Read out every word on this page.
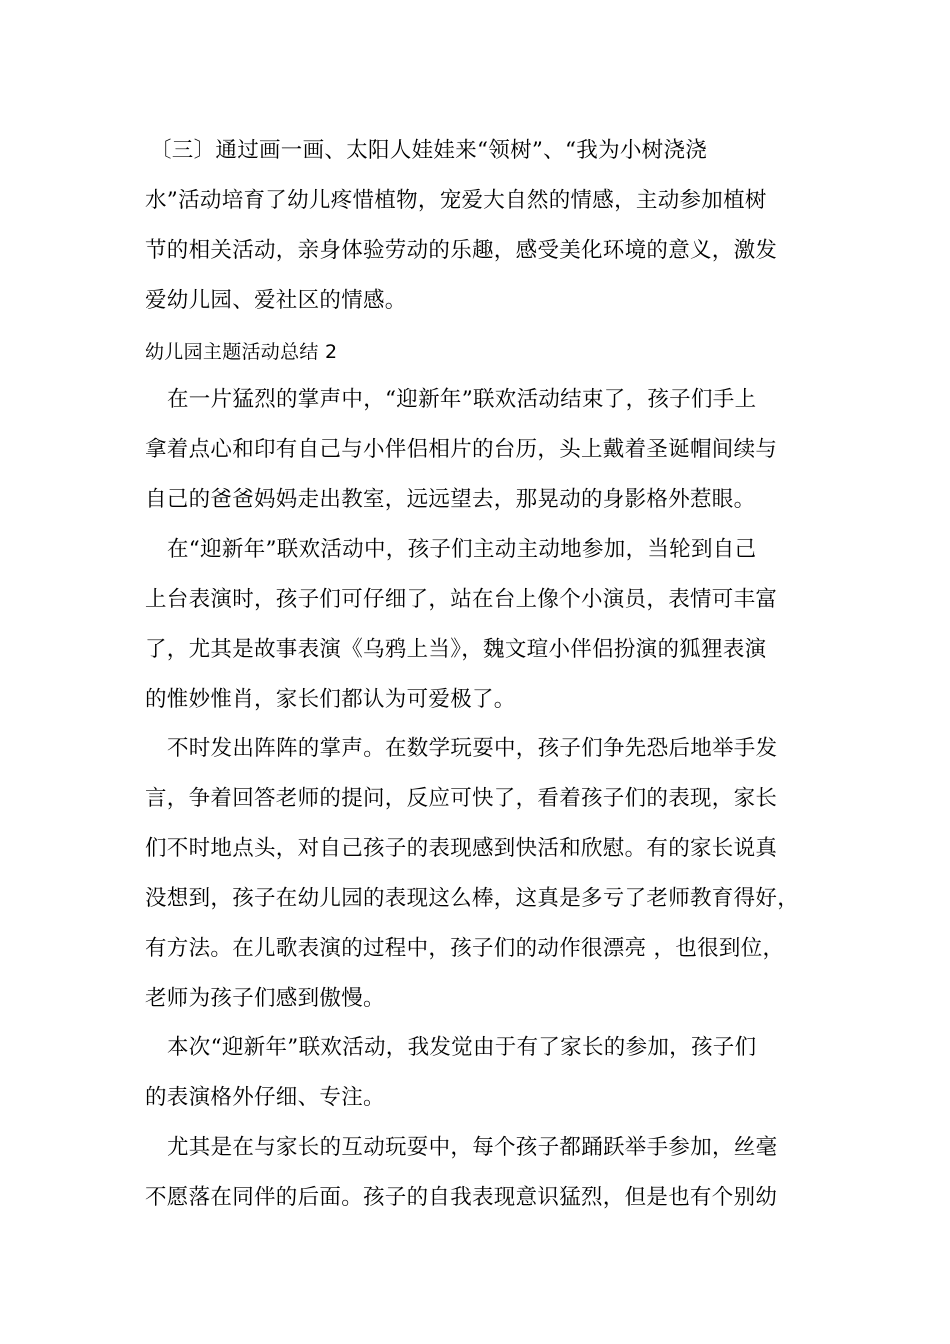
〔三〕通过画一画、太阳人娃娃来“领树”、“我为小树浇浇
水”活动培育了幼儿疼惜植物，宠爱大自然的情感，主动参加植树
节的相关活动，亲身体验劳动的乐趣，感受美化环境的意义，激发
爱幼儿园、爱社区的情感。
幼儿园主题活动总结 2
在一片猛烈的掌声中，“迎新年”联欢活动结束了，孩子们手上
拿着点心和印有自己与小伴侣相片的台历，头上戴着圣诞帽间续与
自己的爸爸妈妈走出教室，远远望去，那晃动的身影格外惹眼。
在“迎新年”联欢活动中，孩子们主动主动地参加，当轮到自己
上台表演时，孩子们可仔细了，站在台上像个小演员，表情可丰富
了，尤其是故事表演《乌鸦上当》，魏文瑄小伴侣扮演的狐狸表演
的惟妙惟肖，家长们都认为可爱极了。
不时发出阵阵的掌声。在数学玩耍中，孩子们争先恐后地举手发
言，争着回答老师的提问，反应可快了，看着孩子们的表现，家长
们不时地点头，对自己孩子的表现感到快活和欣慰。有的家长说真
没想到，孩子在幼儿园的表现这么棒，这真是多亏了老师教育得好，
有方法。在儿歌表演的过程中，孩子们的动作很漂亮 ，也很到位，
老师为孩子们感到傲慢。
本次“迎新年”联欢活动，我发觉由于有了家长的参加，孩子们
的表演格外仔细、专注。
尤其是在与家长的互动玩耍中，每个孩子都踊跃举手参加，丝毫
不愿落在同伴的后面。孩子的自我表现意识猛烈，但是也有个别幼
